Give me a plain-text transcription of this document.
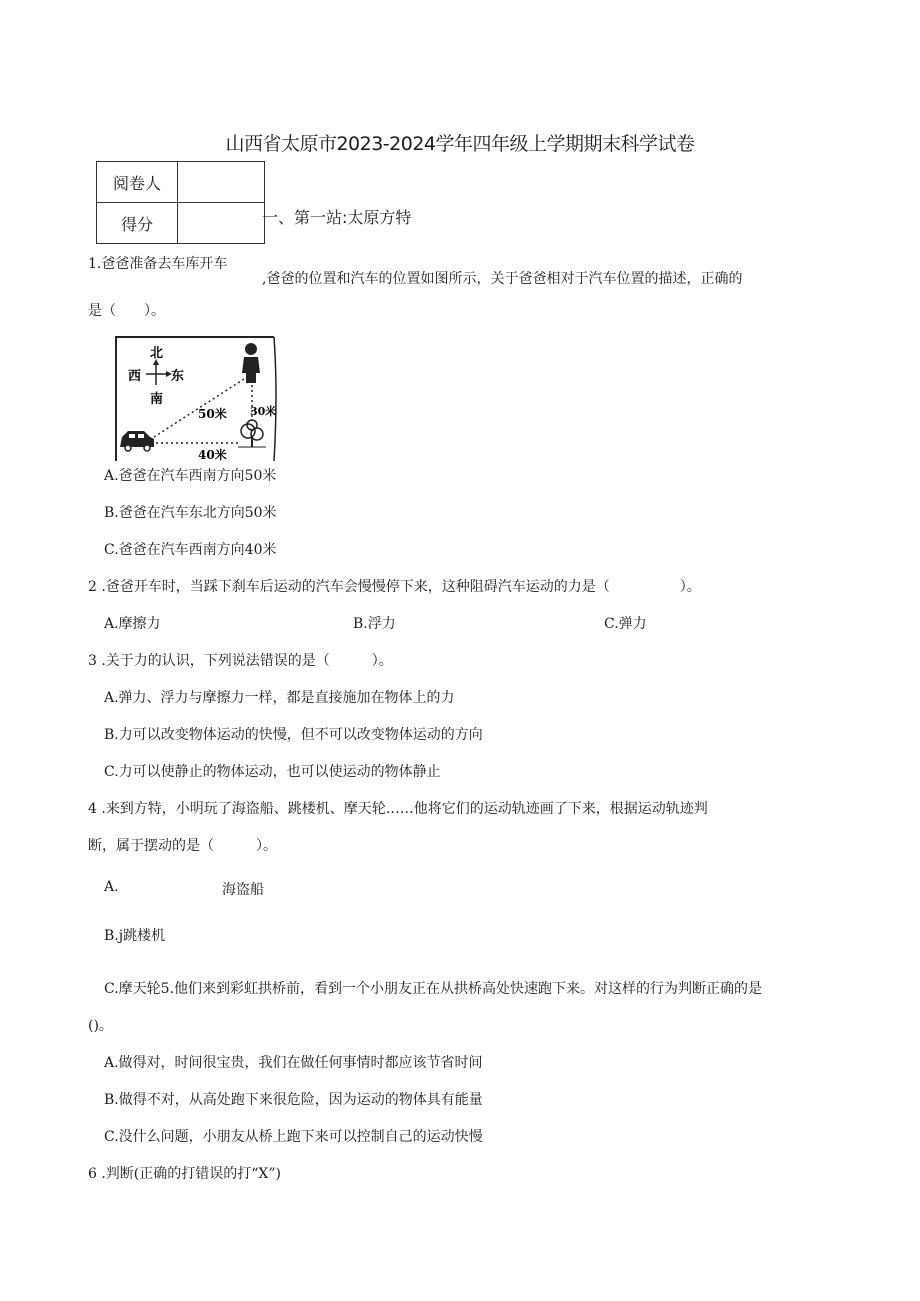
山西省太原市2023-2024学年四年级上学期期末科学试卷
阅卷人	
得分		一、第一站:太原方特
1.爸爸准备去车库开车
,爸爸的位置和汽车的位置如图所示，关于爸爸相对于汽车位置的描述，正确的
是（　　）。
北
南
西 东
50米 30米
40米
A.爸爸在汽车西南方向50米
B.爸爸在汽车东北方向50米
C.爸爸在汽车西南方向40米
2 .爸爸开车时，当踩下刹车后运动的汽车会慢慢停下来，这种阻碍汽车运动的力是（　　　　　）。
A.摩擦力	B.浮力	C.弹力
3 .关于力的认识，下列说法错误的是（　　　）。
A.弹力、浮力与摩擦力一样，都是直接施加在物体上的力
B.力可以改变物体运动的快慢，但不可以改变物体运动的方向
C.力可以使静止的物体运动，也可以使运动的物体静止
4 .来到方特，小明玩了海盗船、跳楼机、摩天轮……他将它们的运动轨迹画了下来，根据运动轨迹判
断，属于摆动的是（　　　）。
A.	海盗船
B.j跳楼机
C.摩天轮5.他们来到彩虹拱桥前，看到一个小朋友正在从拱桥高处快速跑下来。对这样的行为判断正确的是
()。
A.做得对，时间很宝贵，我们在做任何事情时都应该节省时间
B.做得不对，从高处跑下来很危险，因为运动的物体具有能量
C.没什么问题，小朋友从桥上跑下来可以控制自己的运动快慢
6 .判断(正确的打错误的打“X”)
